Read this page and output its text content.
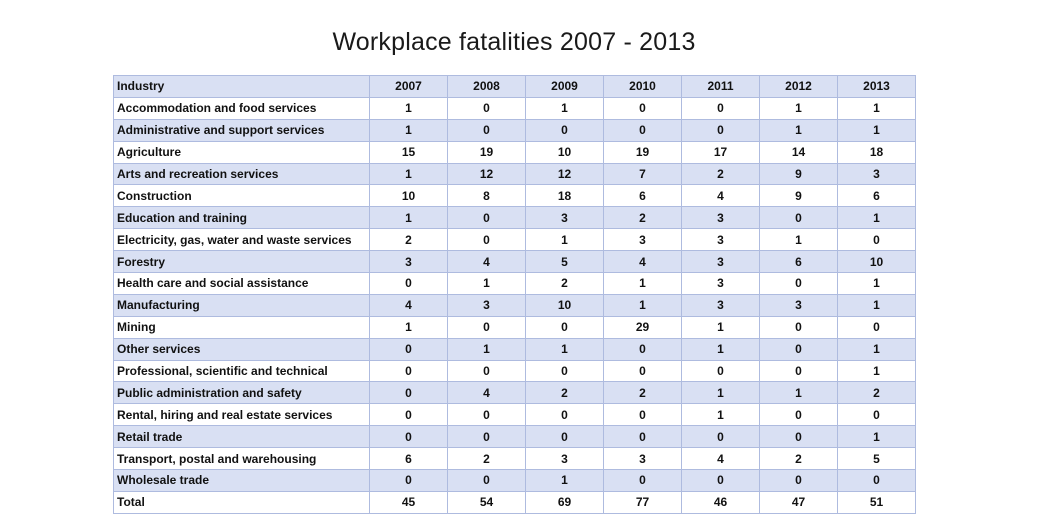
Workplace fatalities 2007 - 2013
Industry	2007	2008	2009	2010	2011	2012	2013
Accommodation and food services	1	0	1	0	0	1	1
Administrative and support services	1	0	0	0	0	1	1
Agriculture	15	19	10	19	17	14	18
Arts and recreation services	1	12	12	7	2	9	3
Construction	10	8	18	6	4	9	6
Education and training	1	0	3	2	3	0	1
Electricity, gas, water and waste services	2	0	1	3	3	1	0
Forestry	3	4	5	4	3	6	10
Health care and social assistance	0	1	2	1	3	0	1
Manufacturing	4	3	10	1	3	3	1
Mining	1	0	0	29	1	0	0
Other services	0	1	1	0	1	0	1
Professional, scientific and technical	0	0	0	0	0	0	1
Public administration and safety	0	4	2	2	1	1	2
Rental, hiring and real estate services	0	0	0	0	1	0	0
Retail trade	0	0	0	0	0	0	1
Transport, postal and warehousing	6	2	3	3	4	2	5
Wholesale trade	0	0	1	0	0	0	0
Total	45	54	69	77	46	47	51
